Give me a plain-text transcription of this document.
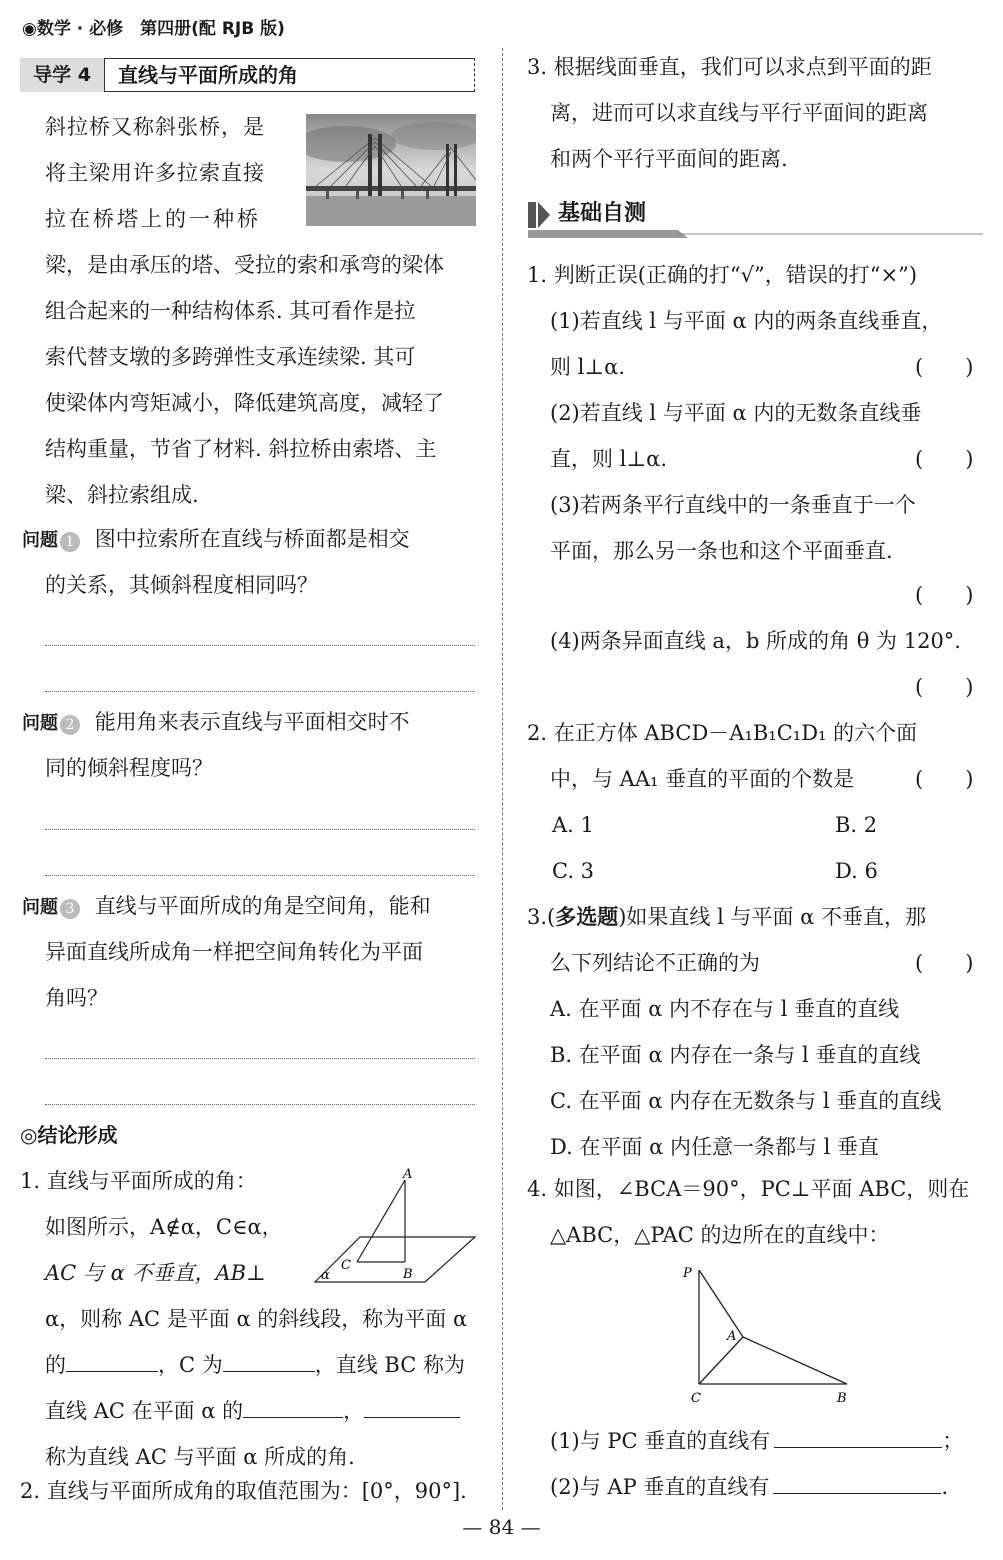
◉数学 · 必修　第四册(配 RJB 版)
导学 4	直线与平面所成的角
斜拉桥又称斜张桥，是
将主梁用许多拉索直接
拉在桥塔上的一种桥
梁，是由承压的塔、受拉的索和承弯的梁体
组合起来的一种结构体系. 其可看作是拉
索代替支墩的多跨弹性支承连续梁. 其可
使梁体内弯矩减小，降低建筑高度，减轻了
结构重量，节省了材料. 斜拉桥由索塔、主
梁、斜拉索组成.
问题 1 图中拉索所在直线与桥面都是相交
的关系，其倾斜程度相同吗？
问题 2 能用角来表示直线与平面相交时不
同的倾斜程度吗？
问题 3 直线与平面所成的角是空间角，能和
异面直线所成角一样把空间角转化为平面
角吗？
◎结论形成
1. 直线与平面所成的角：
如图所示，A∉α，C∈α，
AC 与 α 不垂直，AB⊥
α，则称 AC 是平面 α 的斜线段，称为平面 α
的	，C 为	，直线 BC 称为
直线 AC 在平面 α 的	，
称为直线 AC 与平面 α 所成的角.
2. 直线与平面所成角的取值范围为：[0°，90°].
A
B
C
α
3. 根据线面垂直，我们可以求点到平面的距
离，进而可以求直线与平行平面间的距离
和两个平行平面间的距离.
基础自测
1. 判断正误(正确的打“√”，错误的打“×”)
(1)若直线 l 与平面 α 内的两条直线垂直，
则 l⊥α.	(　　)
(2)若直线 l 与平面 α 内的无数条直线垂
直，则 l⊥α.	(　　)
(3)若两条平行直线中的一条垂直于一个
平面，那么另一条也和这个平面垂直.
(　　)
(4)两条异面直线 a，b 所成的角 θ 为 120°.
(　　)
2. 在正方体 ABCD－A₁B₁C₁D₁ 的六个面
中，与 AA₁ 垂直的平面的个数是	(　　)
A. 1	B. 2
C. 3	D. 6
3.(多选题)如果直线 l 与平面 α 不垂直，那
么下列结论不正确的为	(　　)
A. 在平面 α 内不存在与 l 垂直的直线
B. 在平面 α 内存在一条与 l 垂直的直线
C. 在平面 α 内存在无数条与 l 垂直的直线
D. 在平面 α 内任意一条都与 l 垂直
4. 如图，∠BCA＝90°，PC⊥平面 ABC，则在
△ABC，△PAC 的边所在的直线中：
P
A
C	B
(1)与 PC 垂直的直线有	；
(2)与 AP 垂直的直线有	.
— 84 —
